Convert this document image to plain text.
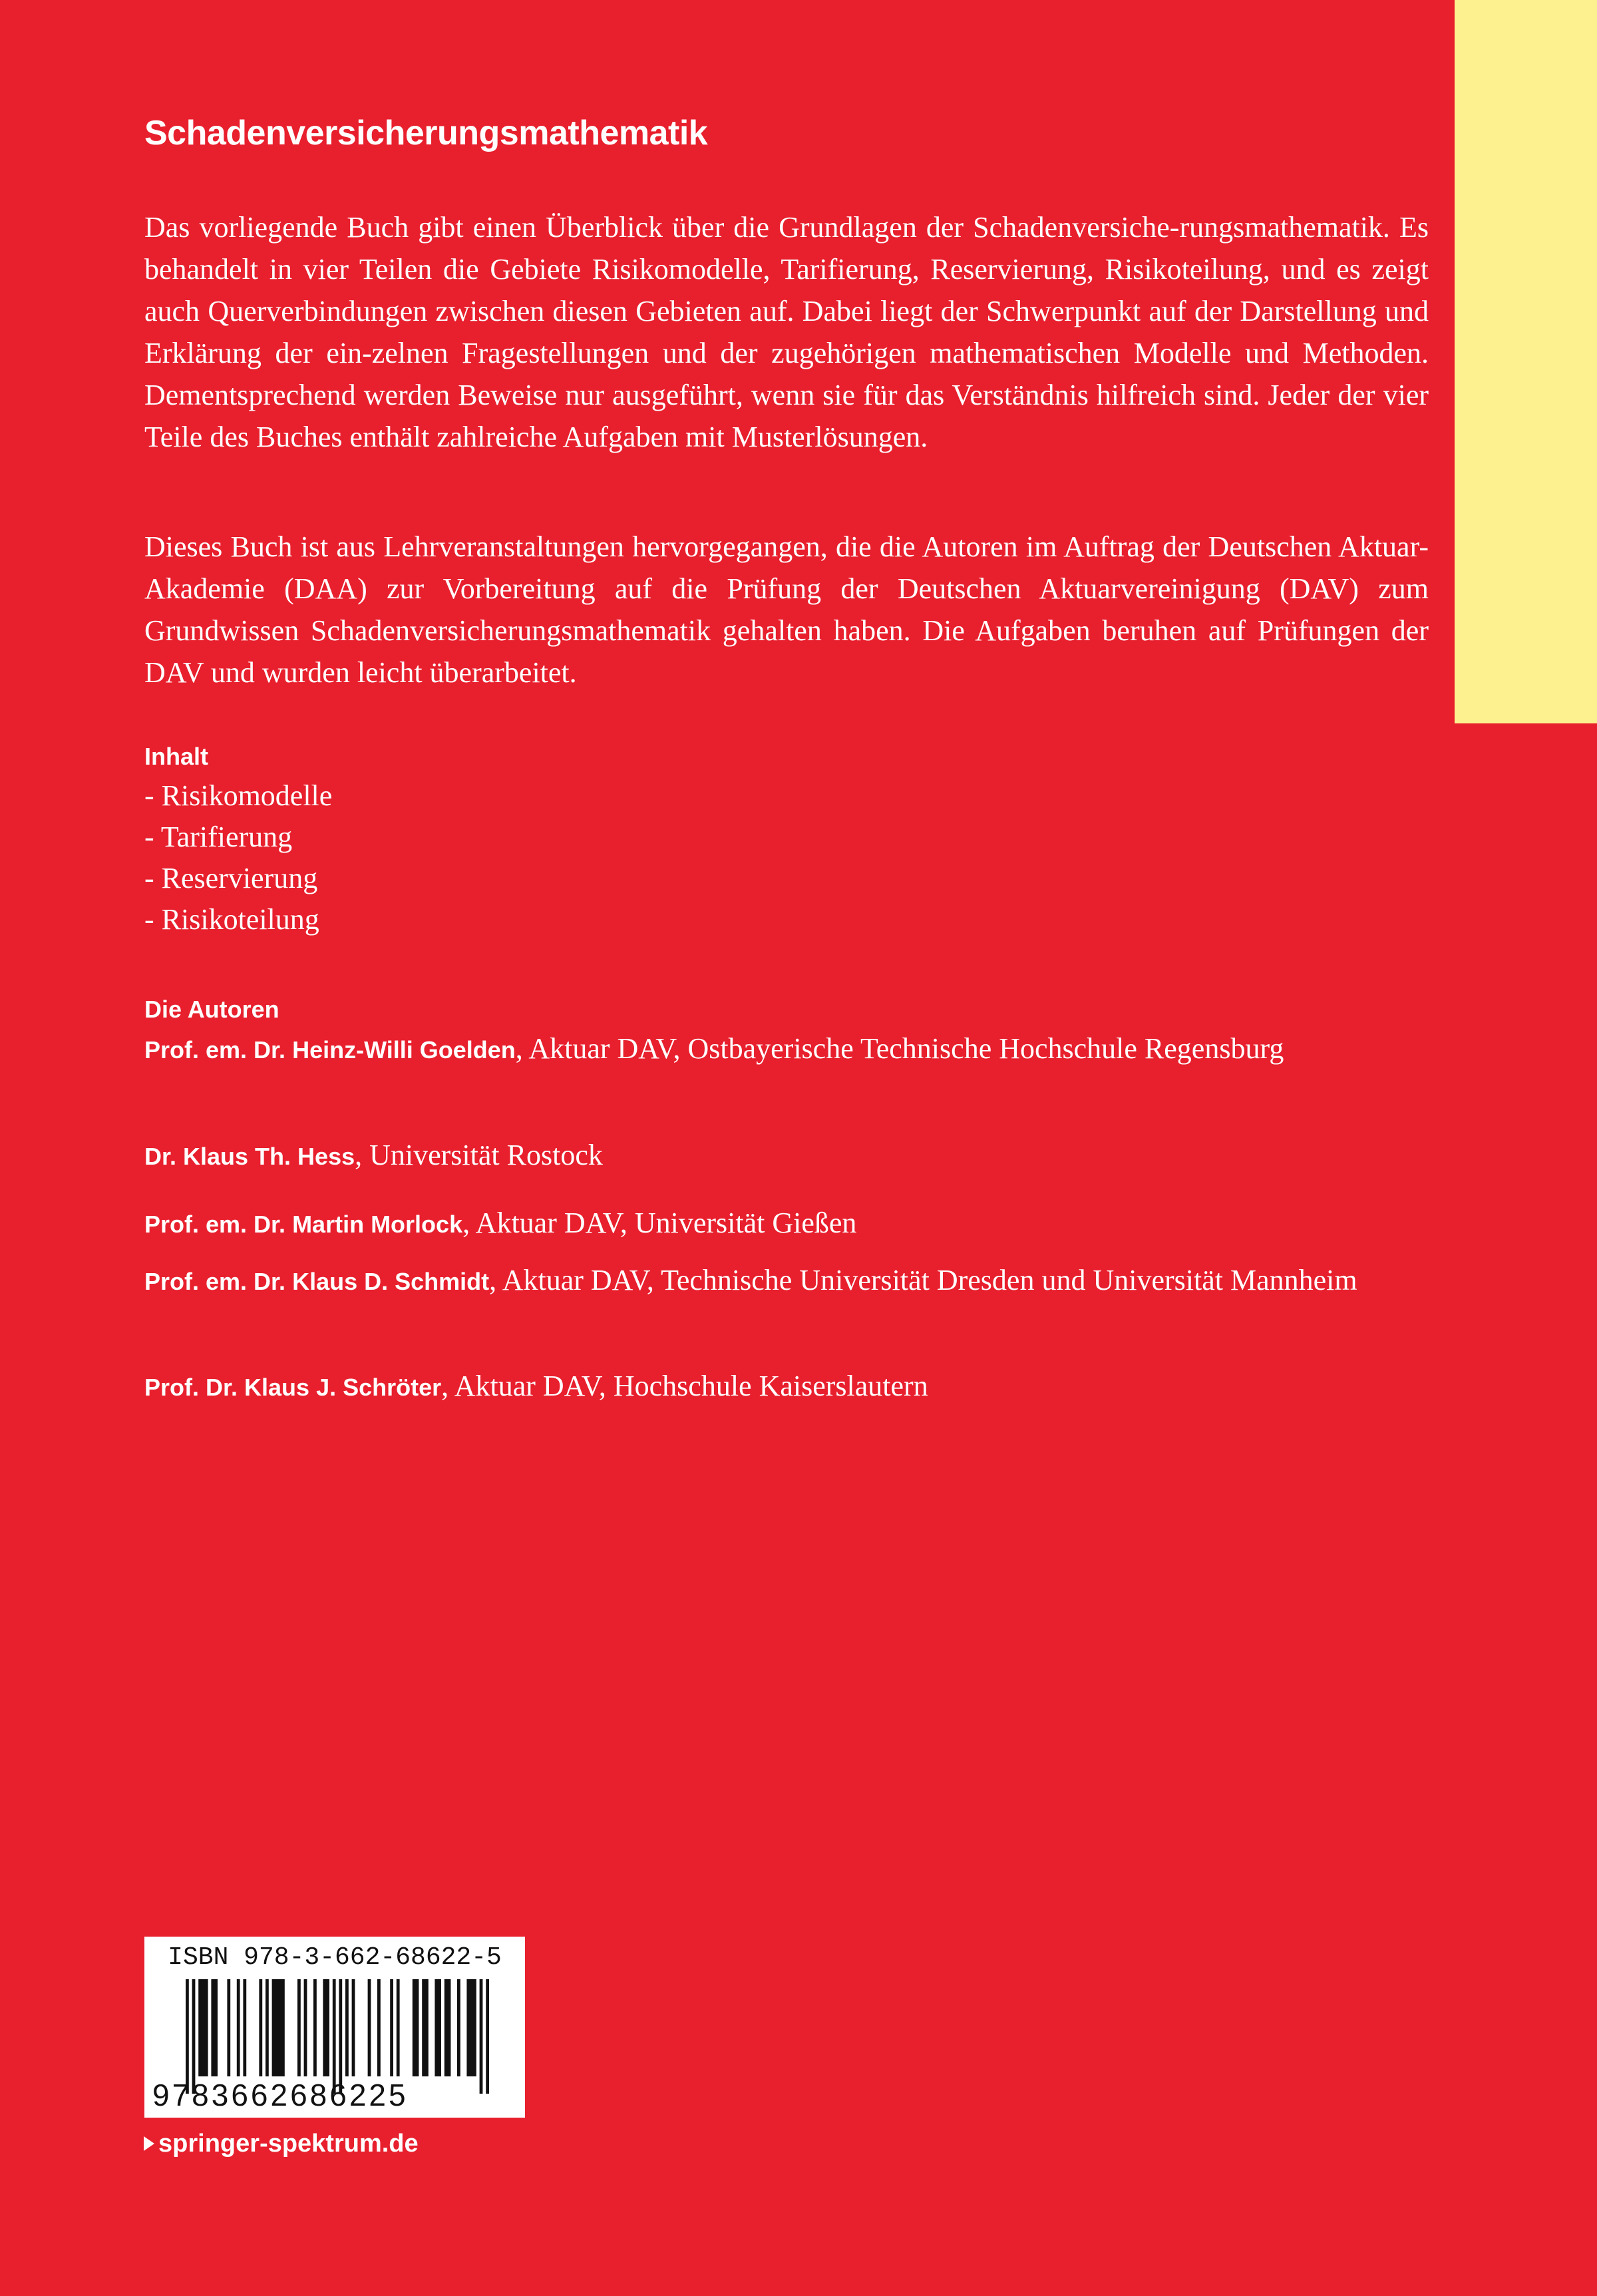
Schadenversicherungsmathematik

Das vorliegende Buch gibt einen Überblick über die Grundlagen der Schadenversiche-rungsmathematik. Es behandelt in vier Teilen die Gebiete Risikomodelle, Tarifierung, Reservierung, Risikoteilung, und es zeigt auch Querverbindungen zwischen diesen Gebieten auf. Dabei liegt der Schwerpunkt auf der Darstellung und Erklärung der ein-zelnen Fragestellungen und der zugehörigen mathematischen Modelle und Methoden. Dementsprechend werden Beweise nur ausgeführt, wenn sie für das Verständnis hilfreich sind. Jeder der vier Teile des Buches enthält zahlreiche Aufgaben mit Musterlösungen.

Dieses Buch ist aus Lehrveranstaltungen hervorgegangen, die die Autoren im Auftrag der Deutschen Aktuar-Akademie (DAA) zur Vorbereitung auf die Prüfung der Deutschen Aktuarvereinigung (DAV) zum Grundwissen Schadenversicherungsmathematik gehalten haben. Die Aufgaben beruhen auf Prüfungen der DAV und wurden leicht überarbeitet.

Inhalt
- Risikomodelle
- Tarifierung
- Reservierung
- Risikoteilung
Die Autoren
Prof. em. Dr. Heinz-Willi Goelden, Aktuar DAV, Ostbayerische Technische Hochschule Regensburg
Dr. Klaus Th. Hess, Universität Rostock
Prof. em. Dr. Martin Morlock, Aktuar DAV, Universität Gießen
Prof. em. Dr. Klaus D. Schmidt, Aktuar DAV, Technische Universität Dresden und Universität Mannheim
Prof. Dr. Klaus J. Schröter, Aktuar DAV, Hochschule Kaiserslautern
ISBN 978-3-662-68622-5
9783662686225
springer-spektrum.de
